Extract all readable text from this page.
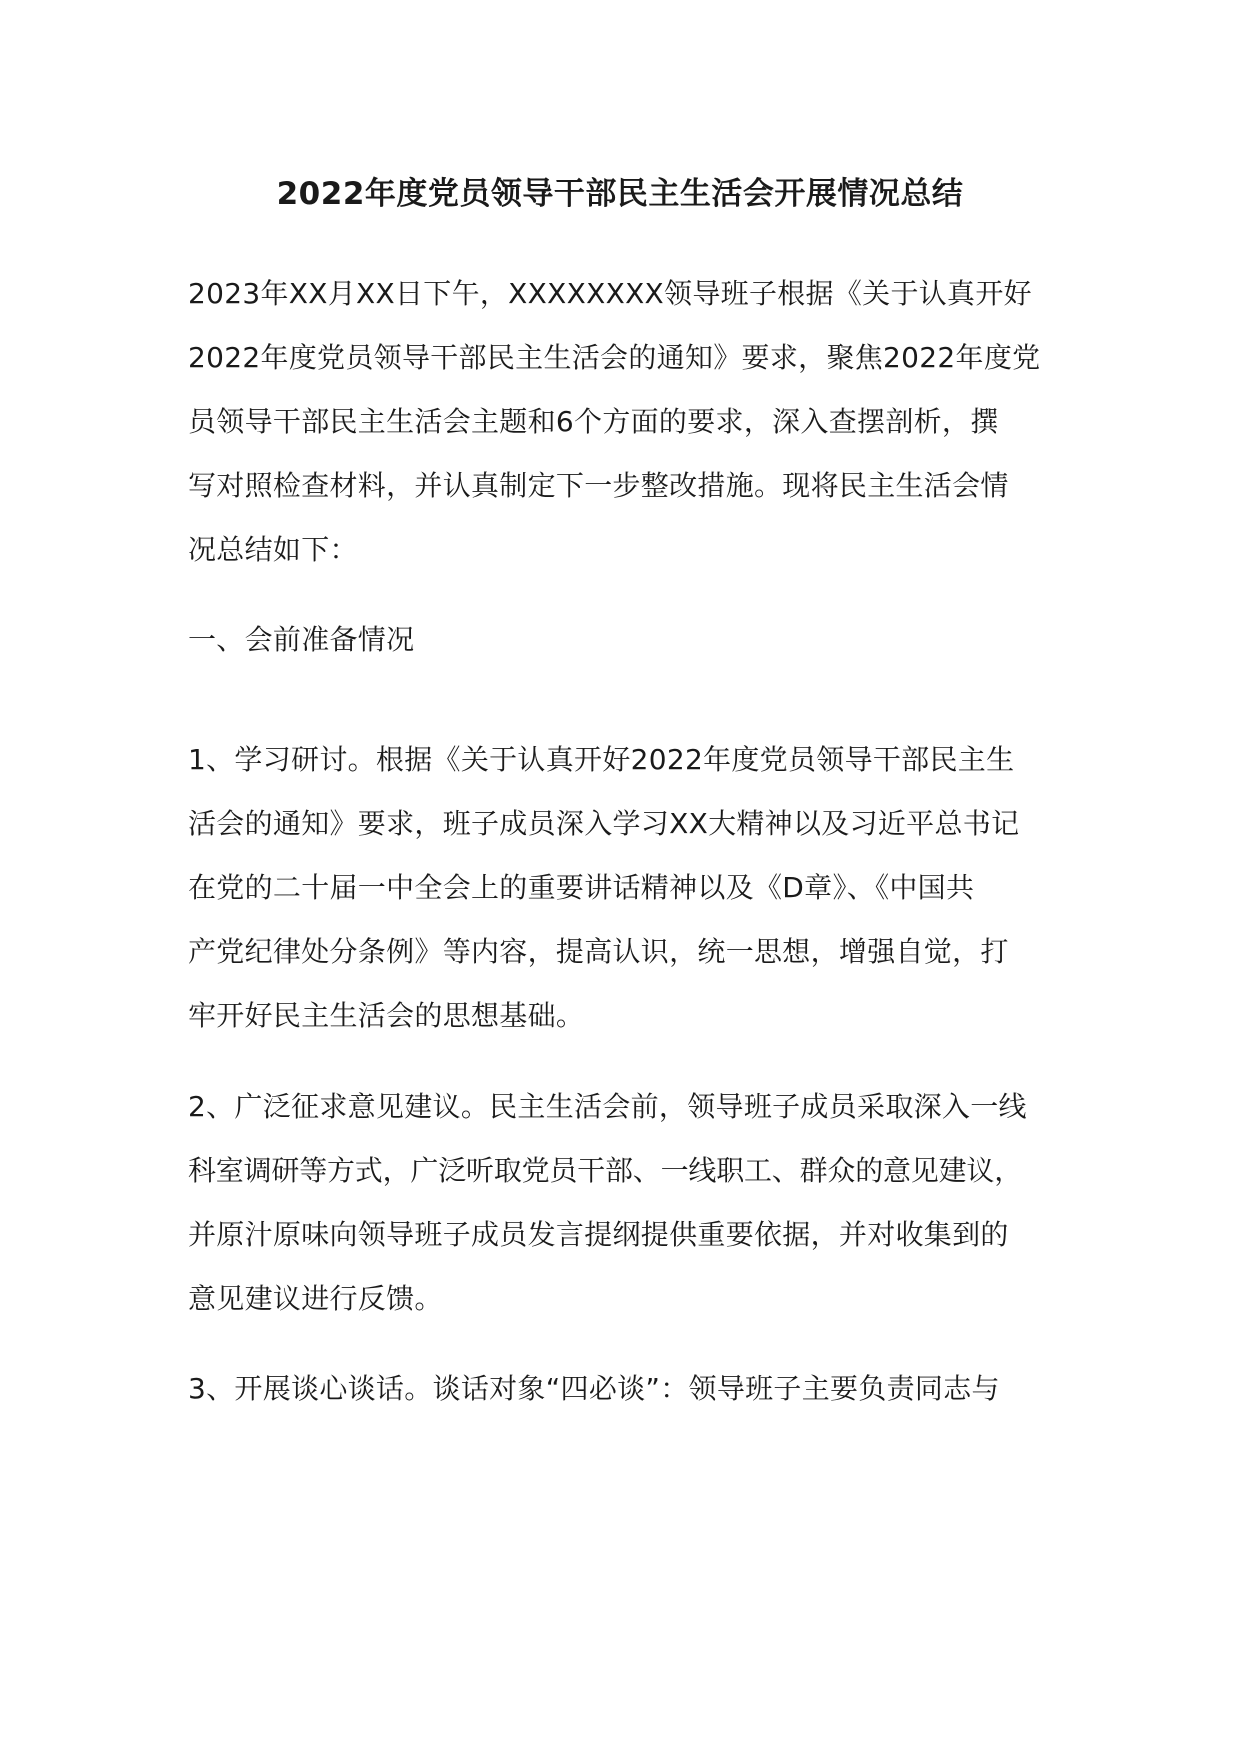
2022年度党员领导干部民主生活会开展情况总结
2023年XX月XX日下午，XXXXXXXX领导班子根据《关于认真开好
2022年度党员领导干部民主生活会的通知》要求，聚焦2022年度党
员领导干部民主生活会主题和6个方面的要求，深入查摆剖析，撰
写对照检查材料，并认真制定下一步整改措施。现将民主生活会情
况总结如下：
一、会前准备情况
1、学习研讨。根据《关于认真开好2022年度党员领导干部民主生
活会的通知》要求，班子成员深入学习XX大精神以及习近平总书记
在党的二十届一中全会上的重要讲话精神以及《D章》、《中国共
产党纪律处分条例》等内容，提高认识，统一思想，增强自觉，打
牢开好民主生活会的思想基础。
2、广泛征求意见建议。民主生活会前，领导班子成员采取深入一线
科室调研等方式，广泛听取党员干部、一线职工、群众的意见建议，
并原汁原味向领导班子成员发言提纲提供重要依据，并对收集到的
意见建议进行反馈。
3、开展谈心谈话。谈话对象“四必谈”：领导班子主要负责同志与
